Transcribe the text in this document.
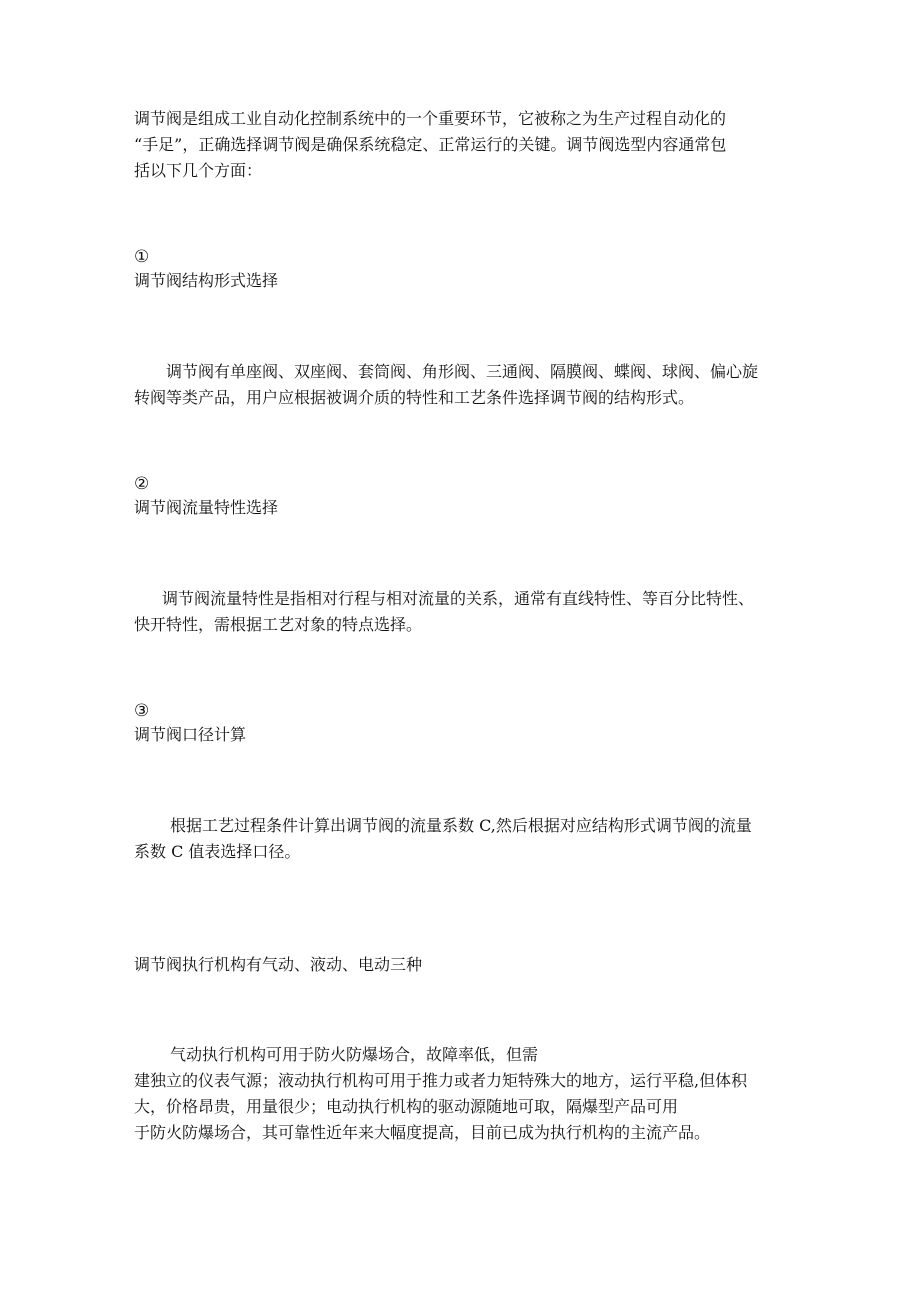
调节阀是组成工业自动化控制系统中的一个重要环节，它被称之为生产过程自动化的
“手足”，正确选择调节阀是确保系统稳定、正常运行的关键。调节阀选型内容通常包
括以下几个方面：

①
调节阀结构形式选择

调节阀有单座阀、双座阀、套筒阀、角形阀、三通阀、隔膜阀、蝶阀、球阀、偏心旋
转阀等类产品，用户应根据被调介质的特性和工艺条件选择调节阀的结构形式。

②
调节阀流量特性选择

调节阀流量特性是指相对行程与相对流量的关系，通常有直线特性、等百分比特性、
快开特性，需根据工艺对象的特点选择。

③
调节阀口径计算

根据工艺过程条件计算出调节阀的流量系数 C,然后根据对应结构形式调节阀的流量
系数 C 值表选择口径。

调节阀执行机构有气动、液动、电动三种

气动执行机构可用于防火防爆场合，故障率低，但需
建独立的仪表气源；液动执行机构可用于推力或者力矩特殊大的地方，运行平稳,但体积
大，价格昂贵，用量很少；电动执行机构的驱动源随地可取，隔爆型产品可用
于防火防爆场合，其可靠性近年来大幅度提高，目前已成为执行机构的主流产品。
